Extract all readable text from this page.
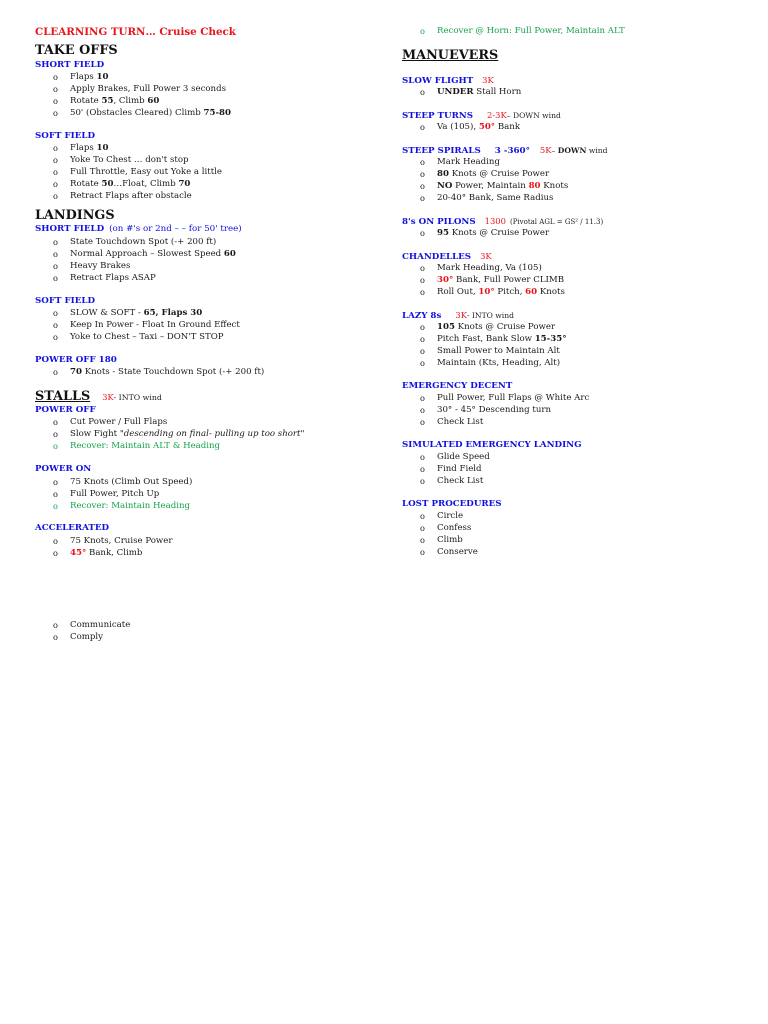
CLEARNING TURN… Cruise Check
TAKE OFFS
SHORT FIELD
o Flaps 10
o Apply Brakes, Full Power 3 seconds
o Rotate 55, Climb 60
o 50' (Obstacles Cleared) Climb 75-80
SOFT FIELD
o Flaps 10
o Yoke To Chest … don't stop
o Full Throttle, Easy out Yoke a little
o Rotate 50…Float, Climb 70
o Retract Flaps after obstacle
LANDINGS
SHORT FIELD (on #'s or 2nd – – for 50' tree)
o State Touchdown Spot (-+ 200 ft)
o Normal Approach – Slowest Speed 60
o Heavy Brakes
o Retract Flaps ASAP
SOFT FIELD
o SLOW & SOFT - 65, Flaps 30
o Keep In Power - Float In Ground Effect
o Yoke to Chest – Taxi – DON'T STOP
POWER OFF 180
o 70 Knots - State Touchdown Spot (-+ 200 ft)
STALLS 3K - INTO wind
POWER OFF
o Cut Power / Full Flaps
o Slow Fight "descending on final- pulling up too short"
o Recover: Maintain ALT & Heading
POWER ON
o 75 Knots (Climb Out Speed)
o Full Power, Pitch Up
o Recover: Maintain Heading
ACCELERATED
o 75 Knots, Cruise Power
o 45° Bank, Climb
o Communicate
o Comply
o Recover @ Horn: Full Power, Maintain ALT
MANUEVERS
SLOW FLIGHT 3K
o UNDER Stall Horn
STEEP TURNS 2-3K – DOWN wind
o Va (105), 50° Bank
STEEP SPIRALS 3 -360° 5K – DOWN wind
o Mark Heading
o 80 Knots @ Cruise Power
o NO Power, Maintain 80 Knots
o 20-40° Bank, Same Radius
8's ON PILONS 1300 (Pivotal AGL = GS² / 11.3)
o 95 Knots @ Cruise Power
CHANDELLES 3K
o Mark Heading, Va (105)
o 30° Bank, Full Power CLIMB
o Roll Out, 10° Pitch, 60 Knots
LAZY 8s 3K - INTO wind
o 105 Knots @ Cruise Power
o Pitch Fast, Bank Slow 15-35°
o Small Power to Maintain Alt
o Maintain (Kts, Heading, Alt)
EMERGENCY DECENT
o Pull Power, Full Flaps @ White Arc
o 30° - 45° Descending turn
o Check List
SIMULATED EMERGENCY LANDING
o Glide Speed
o Find Field
o Check List
LOST PROCEDURES
o Circle
o Confess
o Climb
o Conserve
